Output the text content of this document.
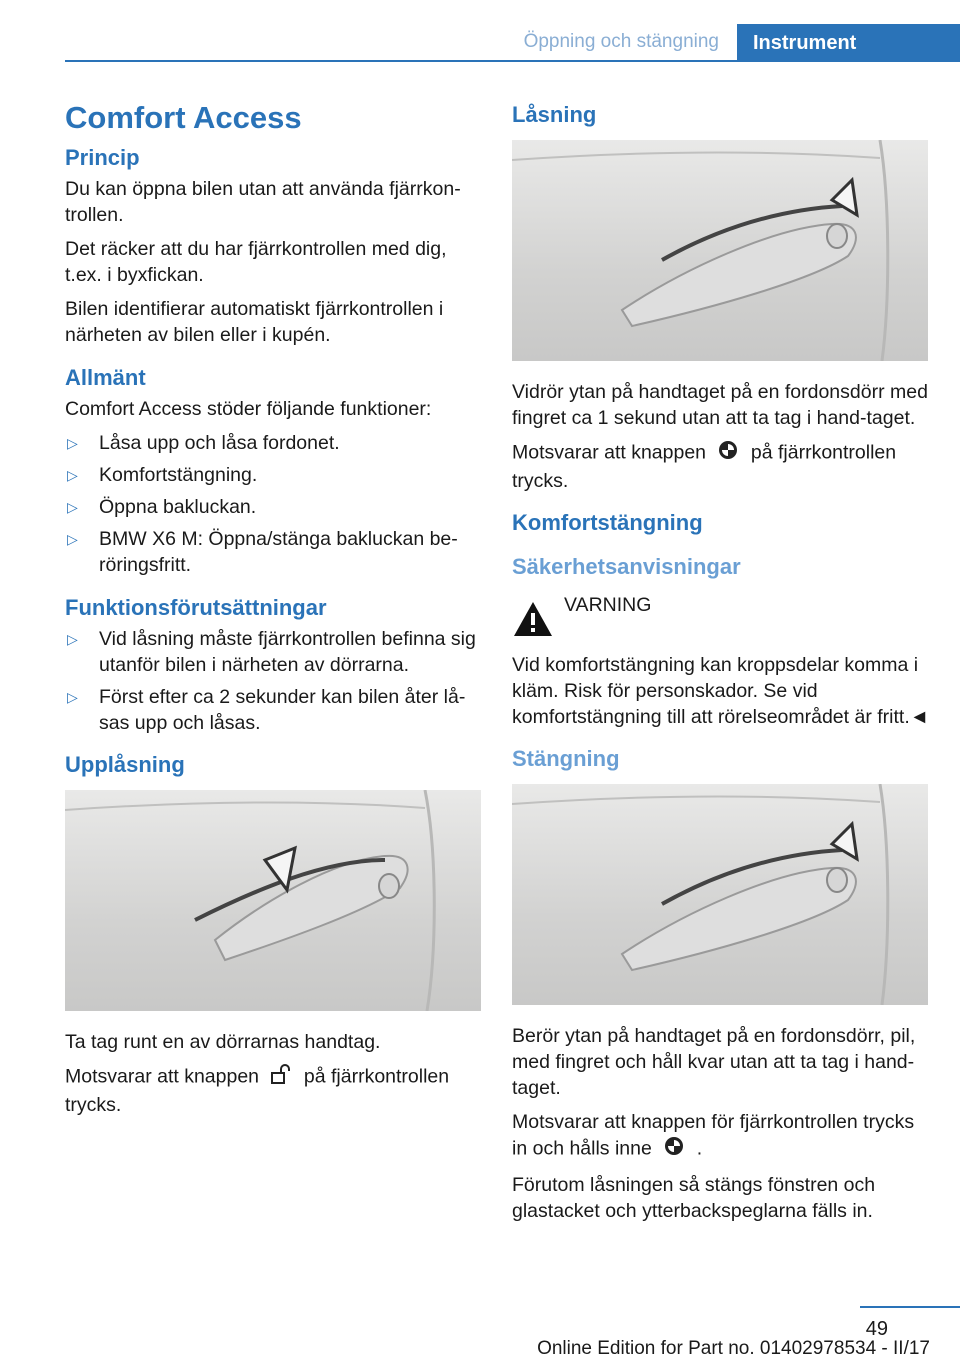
Öppning och stängning	Instrument
Comfort Access
Princip

Du kan öppna bilen utan att använda fjärrkon-trollen.

Det räcker att du har fjärrkontrollen med dig, t.ex. i byxfickan.

Bilen identifierar automatiskt fjärrkontrollen i närheten av bilen eller i kupén.

Allmänt

Comfort Access stöder följande funktioner:

▷ Låsa upp och låsa fordonet.
▷ Komfortstängning.
▷ Öppna bakluckan.
▷ BMW X6 M: Öppna/stänga bakluckan be-röringsfritt.
Funktionsförutsättningar
▷ Vid låsning måste fjärrkontrollen befinna sig utanför bilen i närheten av dörrarna.
▷ Först efter ca 2 sekunder kan bilen åter lå-sas upp och låsas.
Upplåsning

Ta tag runt en av dörrarnas handtag.

Motsvarar att knappen på fjärrkontrollen trycks.

Låsning

Vidrör ytan på handtaget på en fordonsdörr med fingret ca 1 sekund utan att ta tag i hand-taget.

Motsvarar att knappen på fjärrkontrollen trycks.

Komfortstängning
Säkerhetsanvisningar
VARNING

Vid komfortstängning kan kroppsdelar komma i kläm. Risk för personskador. Se vid komfortstängning till att rörelseområdet är fritt.◄

Stängning

Berör ytan på handtaget på en fordonsdörr, pil, med fingret och håll kvar utan att ta tag i hand-taget.

Motsvarar att knappen för fjärrkontrollen trycks in och hålls inne .

Förutom låsningen så stängs fönstren och glastacket och ytterbackspeglarna fälls in.

49
Online Edition for Part no. 01402978534 - II/17
